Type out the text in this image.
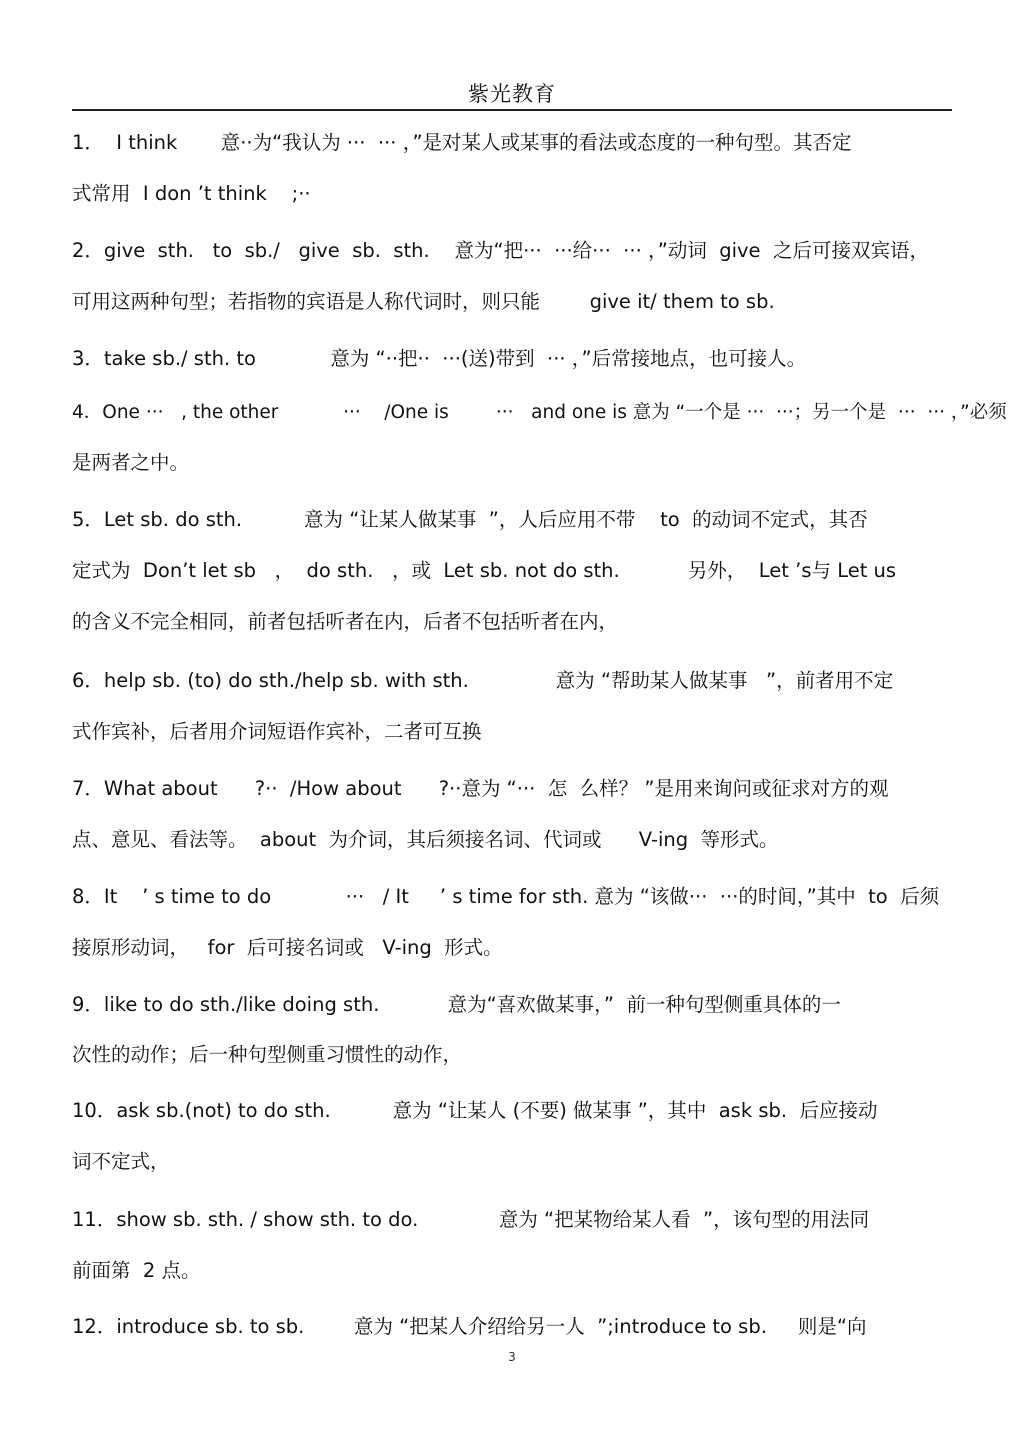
紫光教育
1．  I think       意··为“我认为 ···  ··· ，”是对某人或某事的看法或态度的一种句型。其否定
式常用  I don ’t think    ;··
2．give  sth.   to  sb./   give  sb.  sth.    意为“把···  ···给···  ··· ，”动词  give  之后可接双宾语，
可用这两种句型；若指物的宾语是人称代词时，则只能        give it/ them to sb.
3．take sb./ sth. to            意为 “··把··  ···(送)带到  ··· ，”后常接地点，也可接人。
4．One ···   , the other           ···    /One is        ···   and one is 意为 “一个是 ···  ···；另一个是  ···  ··· ，”必须
是两者之中。
5．Let sb. do sth.          意为 “让某人做某事  ”，人后应用不带    to  的动词不定式，其否
定式为  Don’t let sb   ，  do sth.   ，或  Let sb. not do sth.           另外，  Let ’s与 Let us
的含义不完全相同，前者包括听者在内，后者不包括听者在内，
6．help sb. (to) do sth./help sb. with sth.              意为 “帮助某人做某事   ”，前者用不定
式作宾补，后者用介词短语作宾补，二者可互换
7．What about      ?··  /How about      ?··意为 “···  怎  么样？ ”是用来询问或征求对方的观
点、意见、看法等。  about  为介词，其后须接名词、代词或      V-ing  等形式。
8．It    ’ s time to do            ···   / It     ’ s time for sth. 意为 “该做···  ···的时间，”其中  to  后须
接原形动词，   for  后可接名词或   V-ing  形式。
9．like to do sth./like doing sth.           意为“喜欢做某事，”  前一种句型侧重具体的一
次性的动作；后一种句型侧重习惯性的动作，
10．ask sb.(not) to do sth.          意为 “让某人 (不要) 做某事 ”，其中  ask sb.  后应接动
词不定式，
11．show sb. sth. / show sth. to do.             意为 “把某物给某人看  ”，该句型的用法同
前面第  2 点。
12．introduce sb. to sb.        意为 “把某人介绍给另一人  ”;introduce to sb.     则是“向
3
